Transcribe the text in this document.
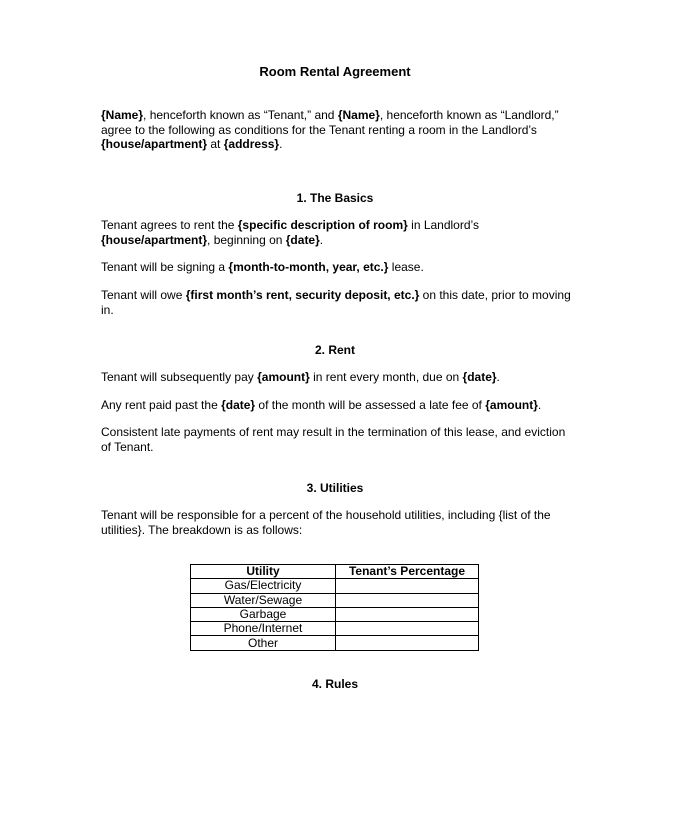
Room Rental Agreement

{Name}, henceforth known as “Tenant,” and {Name}, henceforth known as “Landlord,” agree to the following as conditions for the Tenant renting a room in the Landlord’s {house/apartment} at {address}.

1. The Basics

Tenant agrees to rent the {specific description of room} in Landlord’s {house/apartment}, beginning on {date}.

Tenant will be signing a {month-to-month, year, etc.} lease.

Tenant will owe {first month’s rent, security deposit, etc.} on this date, prior to moving in.

2. Rent

Tenant will subsequently pay {amount} in rent every month, due on {date}.

Any rent paid past the {date} of the month will be assessed a late fee of {amount}.

Consistent late payments of rent may result in the termination of this lease, and eviction of Tenant.

3. Utilities

Tenant will be responsible for a percent of the household utilities, including {list of the utilities}. The breakdown is as follows:

Utility	Tenant’s Percentage
Gas/Electricity	
Water/Sewage	
Garbage	
Phone/Internet	
Other	
4. Rules
